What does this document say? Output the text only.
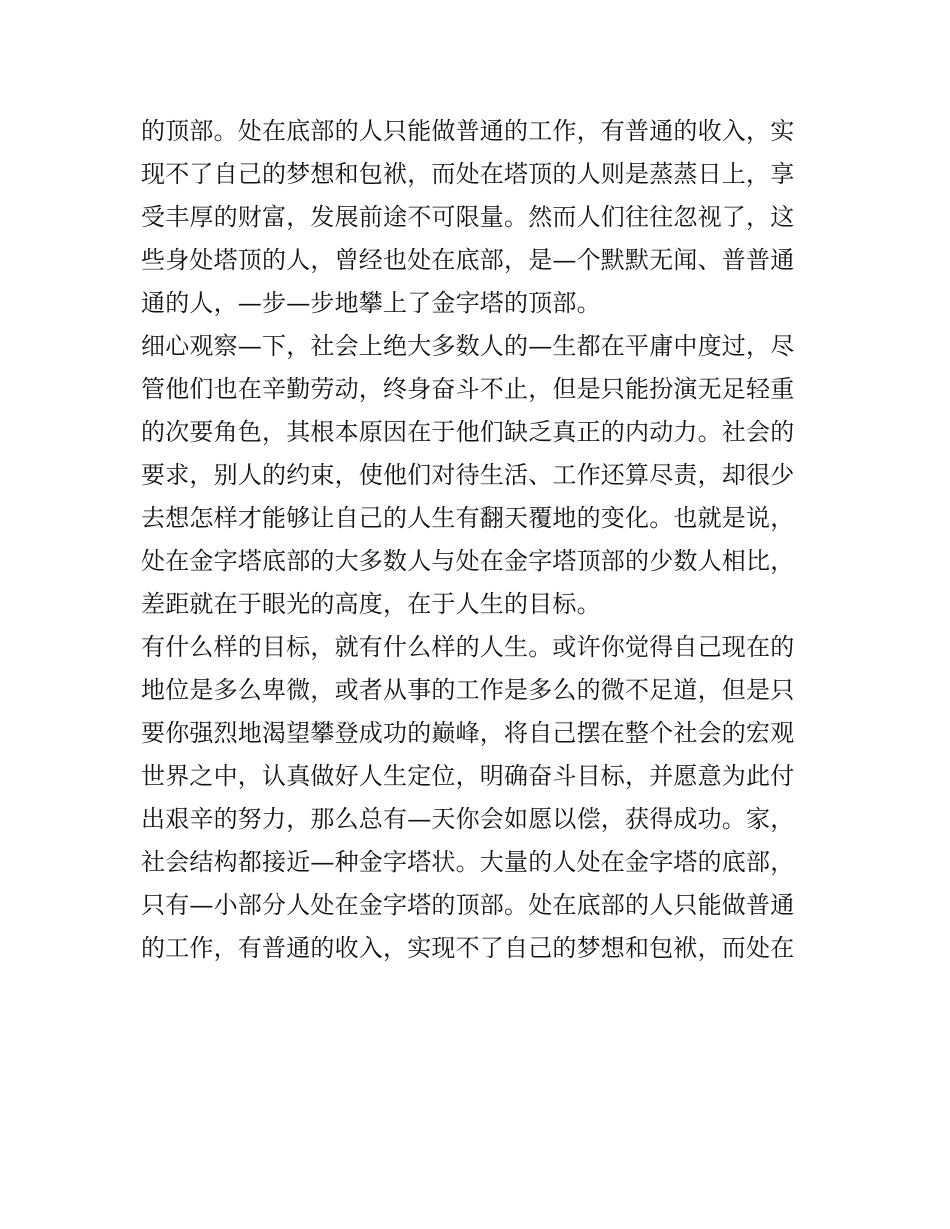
的顶部。处在底部的人只能做普通的工作，有普通的收入，实
现不了自己的梦想和包袱，而处在塔顶的人则是蒸蒸日上，享
受丰厚的财富，发展前途不可限量。然而人们往往忽视了，这
些身处塔顶的人，曾经也处在底部，是—个默默无闻、普普通
通的人，—步—步地攀上了金字塔的顶部。
细心观察—下，社会上绝大多数人的—生都在平庸中度过，尽
管他们也在辛勤劳动，终身奋斗不止，但是只能扮演无足轻重
的次要角色，其根本原因在于他们缺乏真正的内动力。社会的
要求，别人的约束，使他们对待生活、工作还算尽责，却很少
去想怎样才能够让自己的人生有翻天覆地的变化。也就是说，
处在金字塔底部的大多数人与处在金字塔顶部的少数人相比，
差距就在于眼光的高度，在于人生的目标。
有什么样的目标，就有什么样的人生。或许你觉得自己现在的
地位是多么卑微，或者从事的工作是多么的微不足道，但是只
要你强烈地渴望攀登成功的巅峰，将自己摆在整个社会的宏观
世界之中，认真做好人生定位，明确奋斗目标，并愿意为此付
出艰辛的努力，那么总有—天你会如愿以偿，获得成功。家，
社会结构都接近—种金字塔状。大量的人处在金字塔的底部，
只有—小部分人处在金字塔的顶部。处在底部的人只能做普通
的工作，有普通的收入，实现不了自己的梦想和包袱，而处在
